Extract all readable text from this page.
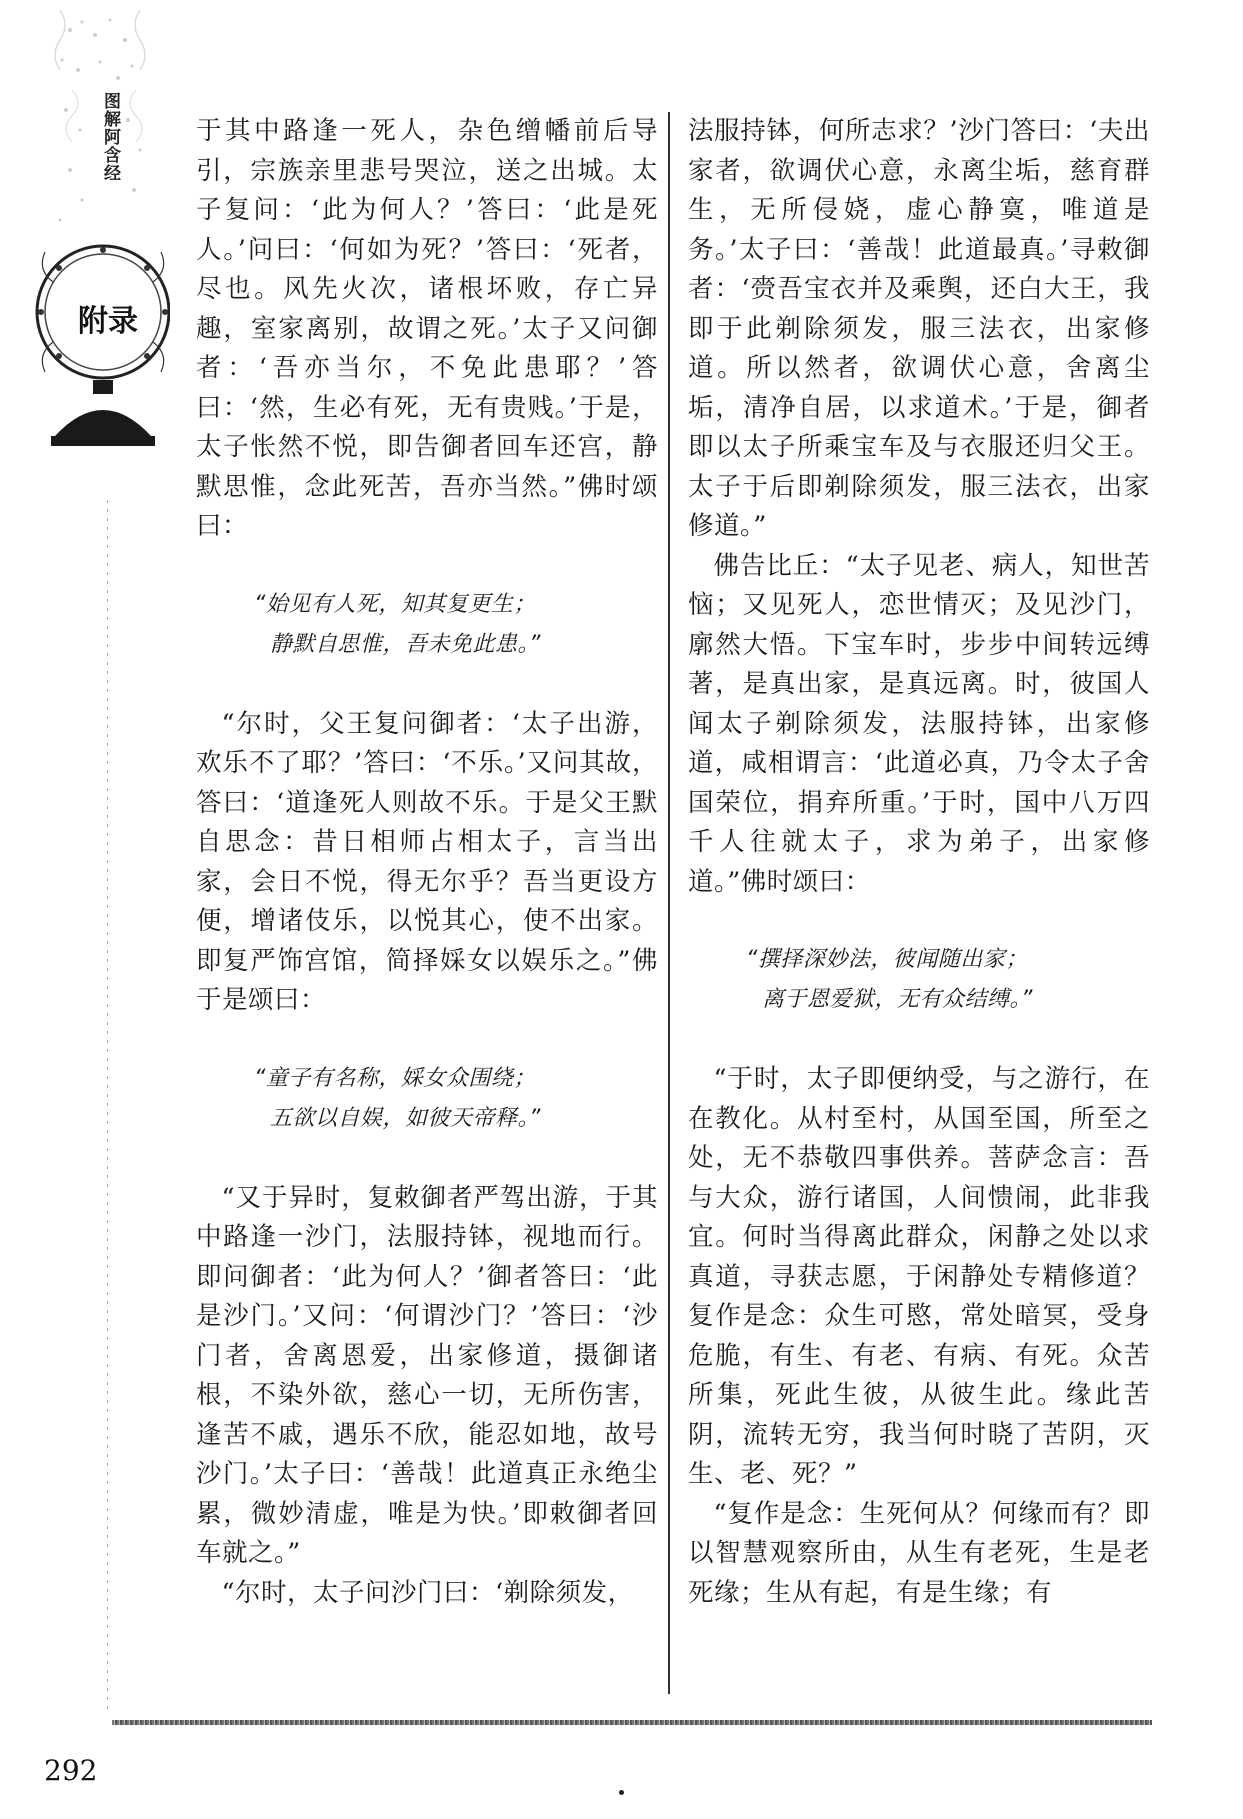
图解阿含经
附录

于其中路逢一死人，杂色缯幡前后导引，宗族亲里悲号哭泣，送之出城。太子复问：‘此为何人？’答曰：‘此是死人。’问曰：‘何如为死？’答曰：‘死者，尽也。风先火次，诸根坏败，存亡异趣，室家离别，故谓之死。’太子又问御者：‘吾亦当尔，不免此患耶？’答曰：‘然，生必有死，无有贵贱。’于是，太子怅然不悦，即告御者回车还宫，静默思惟，念此死苦，吾亦当然。”佛时颂曰：

“始见有人死，知其复更生；
静默自思惟，吾未免此患。”

“尔时，父王复问御者：‘太子出游，欢乐不了耶？’答曰：‘不乐。’又问其故，答曰：‘道逢死人则故不乐。于是父王默自思念：昔日相师占相太子，言当出家，会日不悦，得无尔乎？吾当更设方便，增诸伎乐，以悦其心，使不出家。即复严饰宫馆，简择婇女以娱乐之。”佛于是颂曰：

“童子有名称，婇女众围绕；
五欲以自娱，如彼天帝释。”

“又于异时，复敕御者严驾出游，于其中路逢一沙门，法服持钵，视地而行。即问御者：‘此为何人？’御者答曰：‘此是沙门。’又问：‘何谓沙门？’答曰：‘沙门者，舍离恩爱，出家修道，摄御诸根，不染外欲，慈心一切，无所伤害，逢苦不戚，遇乐不欣，能忍如地，故号沙门。’太子曰：‘善哉！此道真正永绝尘累，微妙清虚，唯是为快。’即敕御者回车就之。”

“尔时，太子问沙门曰：‘剃除须发，

法服持钵，何所志求？’沙门答曰：‘夫出家者，欲调伏心意，永离尘垢，慈育群生，无所侵娆，虚心静寞，唯道是务。’太子曰：‘善哉！此道最真。’寻敕御者：‘赍吾宝衣并及乘舆，还白大王，我即于此剃除须发，服三法衣，出家修道。所以然者，欲调伏心意，舍离尘垢，清净自居，以求道术。’于是，御者即以太子所乘宝车及与衣服还归父王。太子于后即剃除须发，服三法衣，出家修道。”

佛告比丘：“太子见老、病人，知世苦恼；又见死人，恋世情灭；及见沙门，廓然大悟。下宝车时，步步中间转远缚著，是真出家，是真远离。时，彼国人闻太子剃除须发，法服持钵，出家修道，咸相谓言：‘此道必真，乃令太子舍国荣位，捐弃所重。’于时，国中八万四千人往就太子，求为弟子，出家修道。”佛时颂曰：

“撰择深妙法，彼闻随出家；
离于恩爱狱，无有众结缚。”

“于时，太子即便纳受，与之游行，在在教化。从村至村，从国至国，所至之处，无不恭敬四事供养。菩萨念言：吾与大众，游行诸国，人间愦闹，此非我宜。何时当得离此群众，闲静之处以求真道，寻获志愿，于闲静处专精修道？复作是念：众生可愍，常处暗冥，受身危脆，有生、有老、有病、有死。众苦所集，死此生彼，从彼生此。缘此苦阴，流转无穷，我当何时晓了苦阴，灭生、老、死？”

“复作是念：生死何从？何缘而有？即以智慧观察所由，从生有老死，生是老死缘；生从有起，有是生缘；有

292
